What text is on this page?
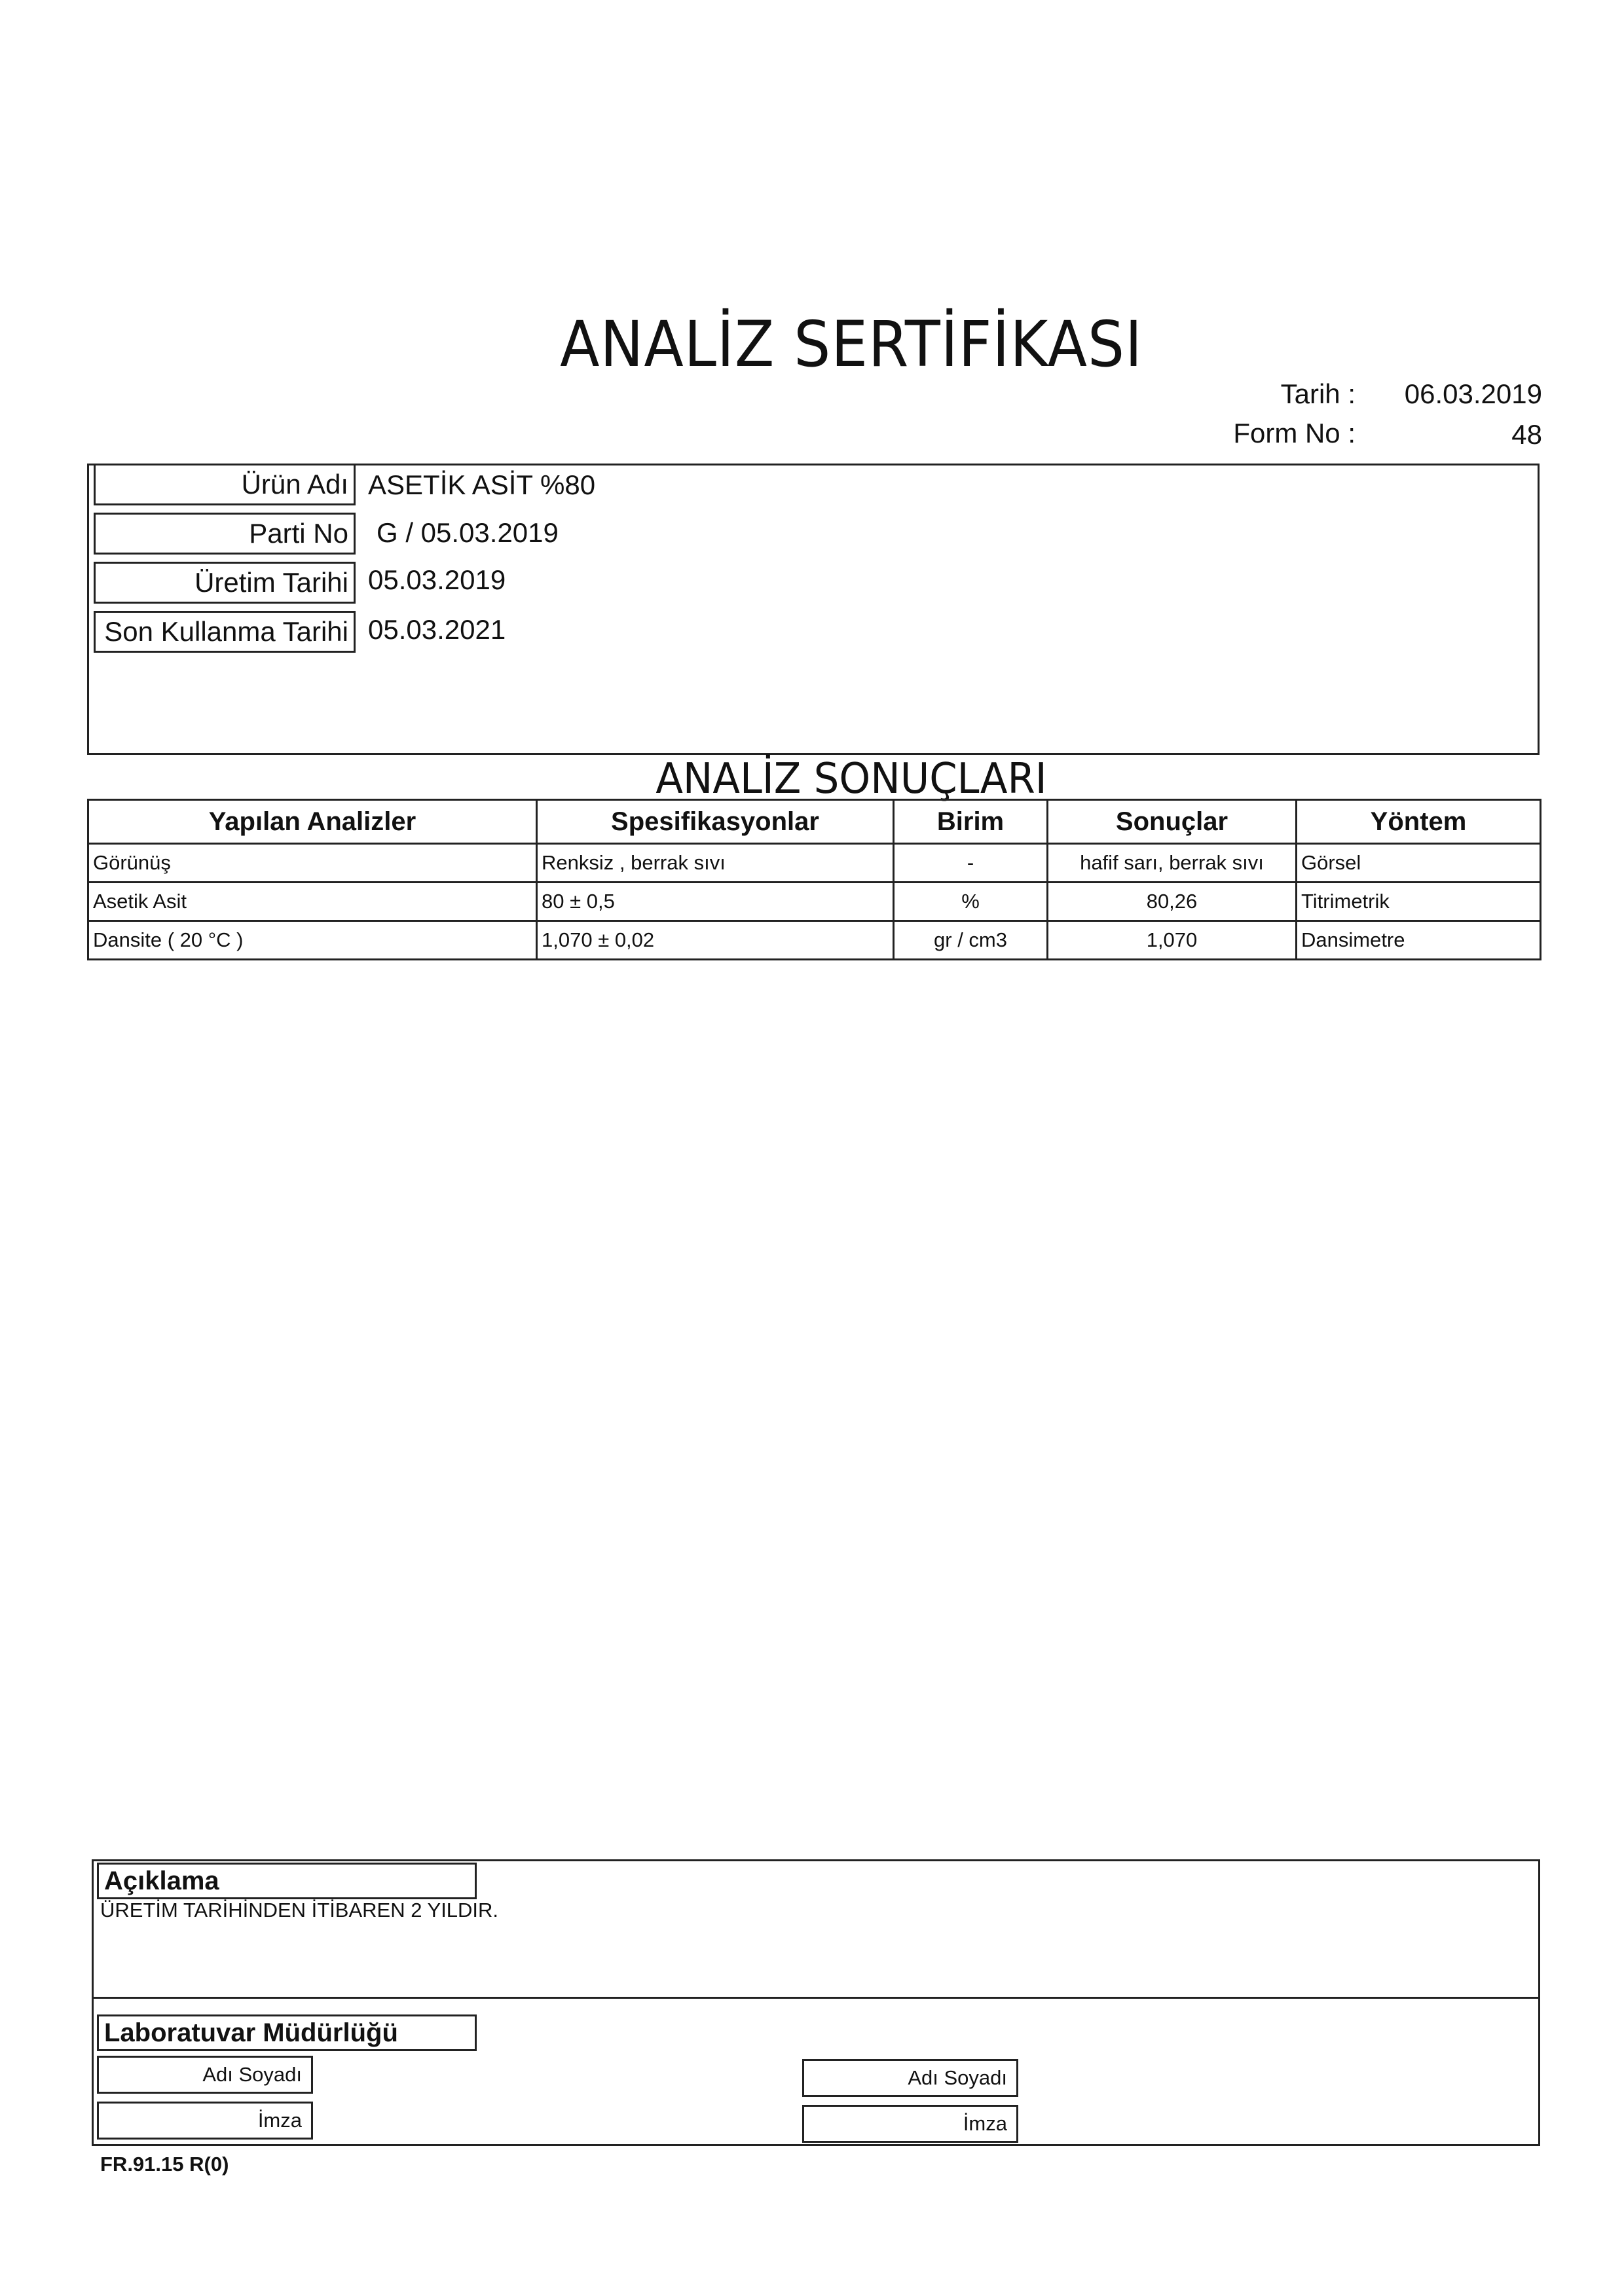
ANALİZ SERTİFİKASI
Tarih :	06.03.2019
Form No :	48
Ürün Adı ASETİK ASİT %80
Parti No G / 05.03.2019
Üretim Tarihi 05.03.2019
Son Kullanma Tarihi 05.03.2021
ANALİZ SONUÇLARI
Yapılan Analizler	Spesifikasyonlar	Birim	Sonuçlar	Yöntem
Görünüş	Renksiz , berrak sıvı	-	hafif sarı, berrak sıvı	Görsel
Asetik Asit	80 ± 0,5	%	80,26	Titrimetrik
Dansite ( 20 °C )	1,070 ± 0,02	gr / cm3	1,070	Dansimetre
Açıklama
ÜRETİM TARİHİNDEN İTİBAREN 2 YILDIR.
Laboratuvar Müdürlüğü
Adı Soyadı
İmza
Adı Soyadı
İmza
FR.91.15 R(0)
